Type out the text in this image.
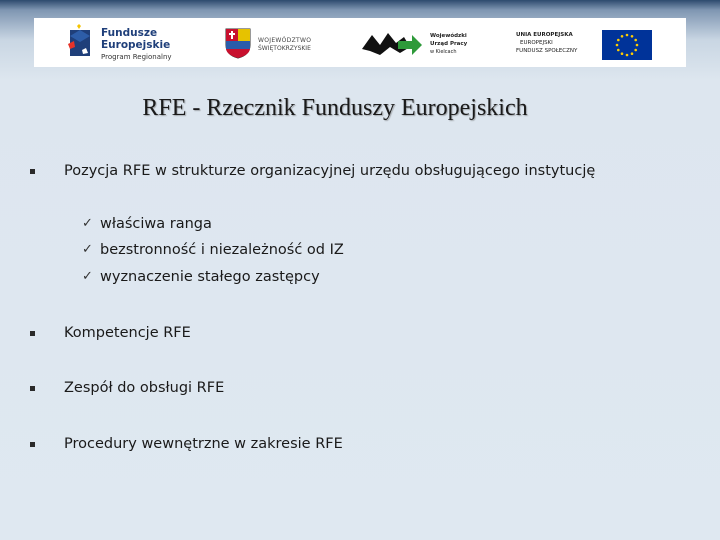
Fundusze
Europejskie
Program Regionalny
WOJEWÓDZTWO
ŚWIĘTOKRZYSKIE
Wojewódzki
Urząd Pracy
w Kielcach
UNIA EUROPEJSKA
EUROPEJSKI
FUNDUSZ SPOŁECZNY
RFE - Rzecznik Funduszy Europejskich
Pozycja RFE w strukturze organizacyjnej urzędu obsługującego instytucję
✓ właściwa ranga
✓ bezstronność i niezależność od IZ
✓ wyznaczenie stałego zastępcy
Kompetencje RFE
Zespół do obsługi RFE
Procedury wewnętrzne w zakresie RFE
